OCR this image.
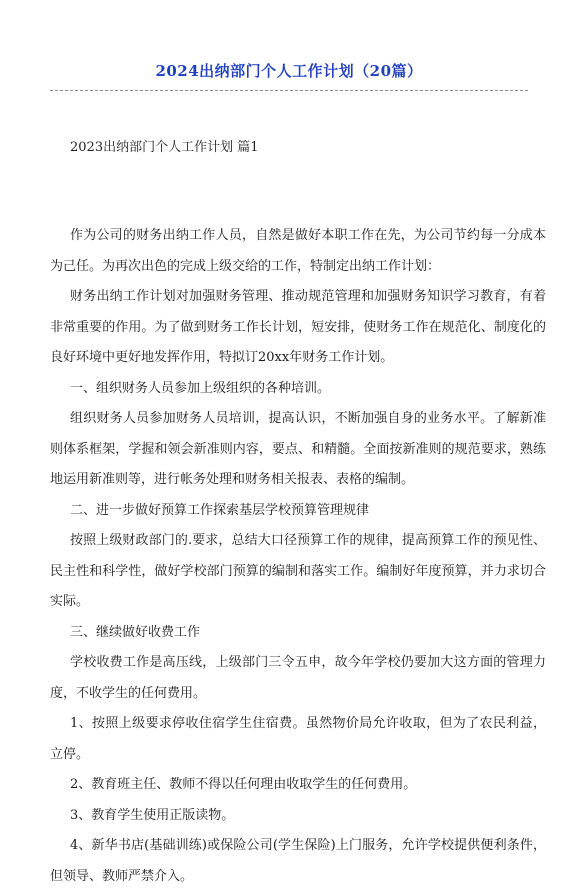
2024出纳部门个人工作计划（20篇）
2023出纳部门个人工作计划 篇1

作为公司的财务出纳工作人员，自然是做好本职工作在先，为公司节约每一分成本为己任。为再次出色的完成上级交给的工作，特制定出纳工作计划：

财务出纳工作计划对加强财务管理、推动规范管理和加强财务知识学习教育，有着非常重要的作用。为了做到财务工作长计划，短安排，使财务工作在规范化、制度化的良好环境中更好地发挥作用，特拟订20xx年财务工作计划。

一、组织财务人员参加上级组织的各种培训。

组织财务人员参加财务人员培训，提高认识，不断加强自身的业务水平。了解新准则体系框架，学握和领会新准则内容，要点、和精髓。全面按新准则的规范要求，熟练地运用新准则等，进行帐务处理和财务相关报表、表格的编制。

二、进一步做好预算工作探索基层学校预算管理规律

按照上级财政部门的.要求，总结大口径预算工作的规律，提高预算工作的预见性、民主性和科学性，做好学校部门预算的编制和落实工作。编制好年度预算，并力求切合实际。

三、继续做好收费工作

学校收费工作是高压线，上级部门三令五申，故今年学校仍要加大这方面的管理力度，不收学生的任何费用。

1、按照上级要求停收住宿学生住宿费。虽然物价局允许收取，但为了农民利益，立停。

2、教育班主任、教师不得以任何理由收取学生的任何费用。

3、教育学生使用正版读物。

4、新华书店(基础训练)或保险公司(学生保险)上门服务，允许学校提供便利条件，但领导、教师严禁介入。
